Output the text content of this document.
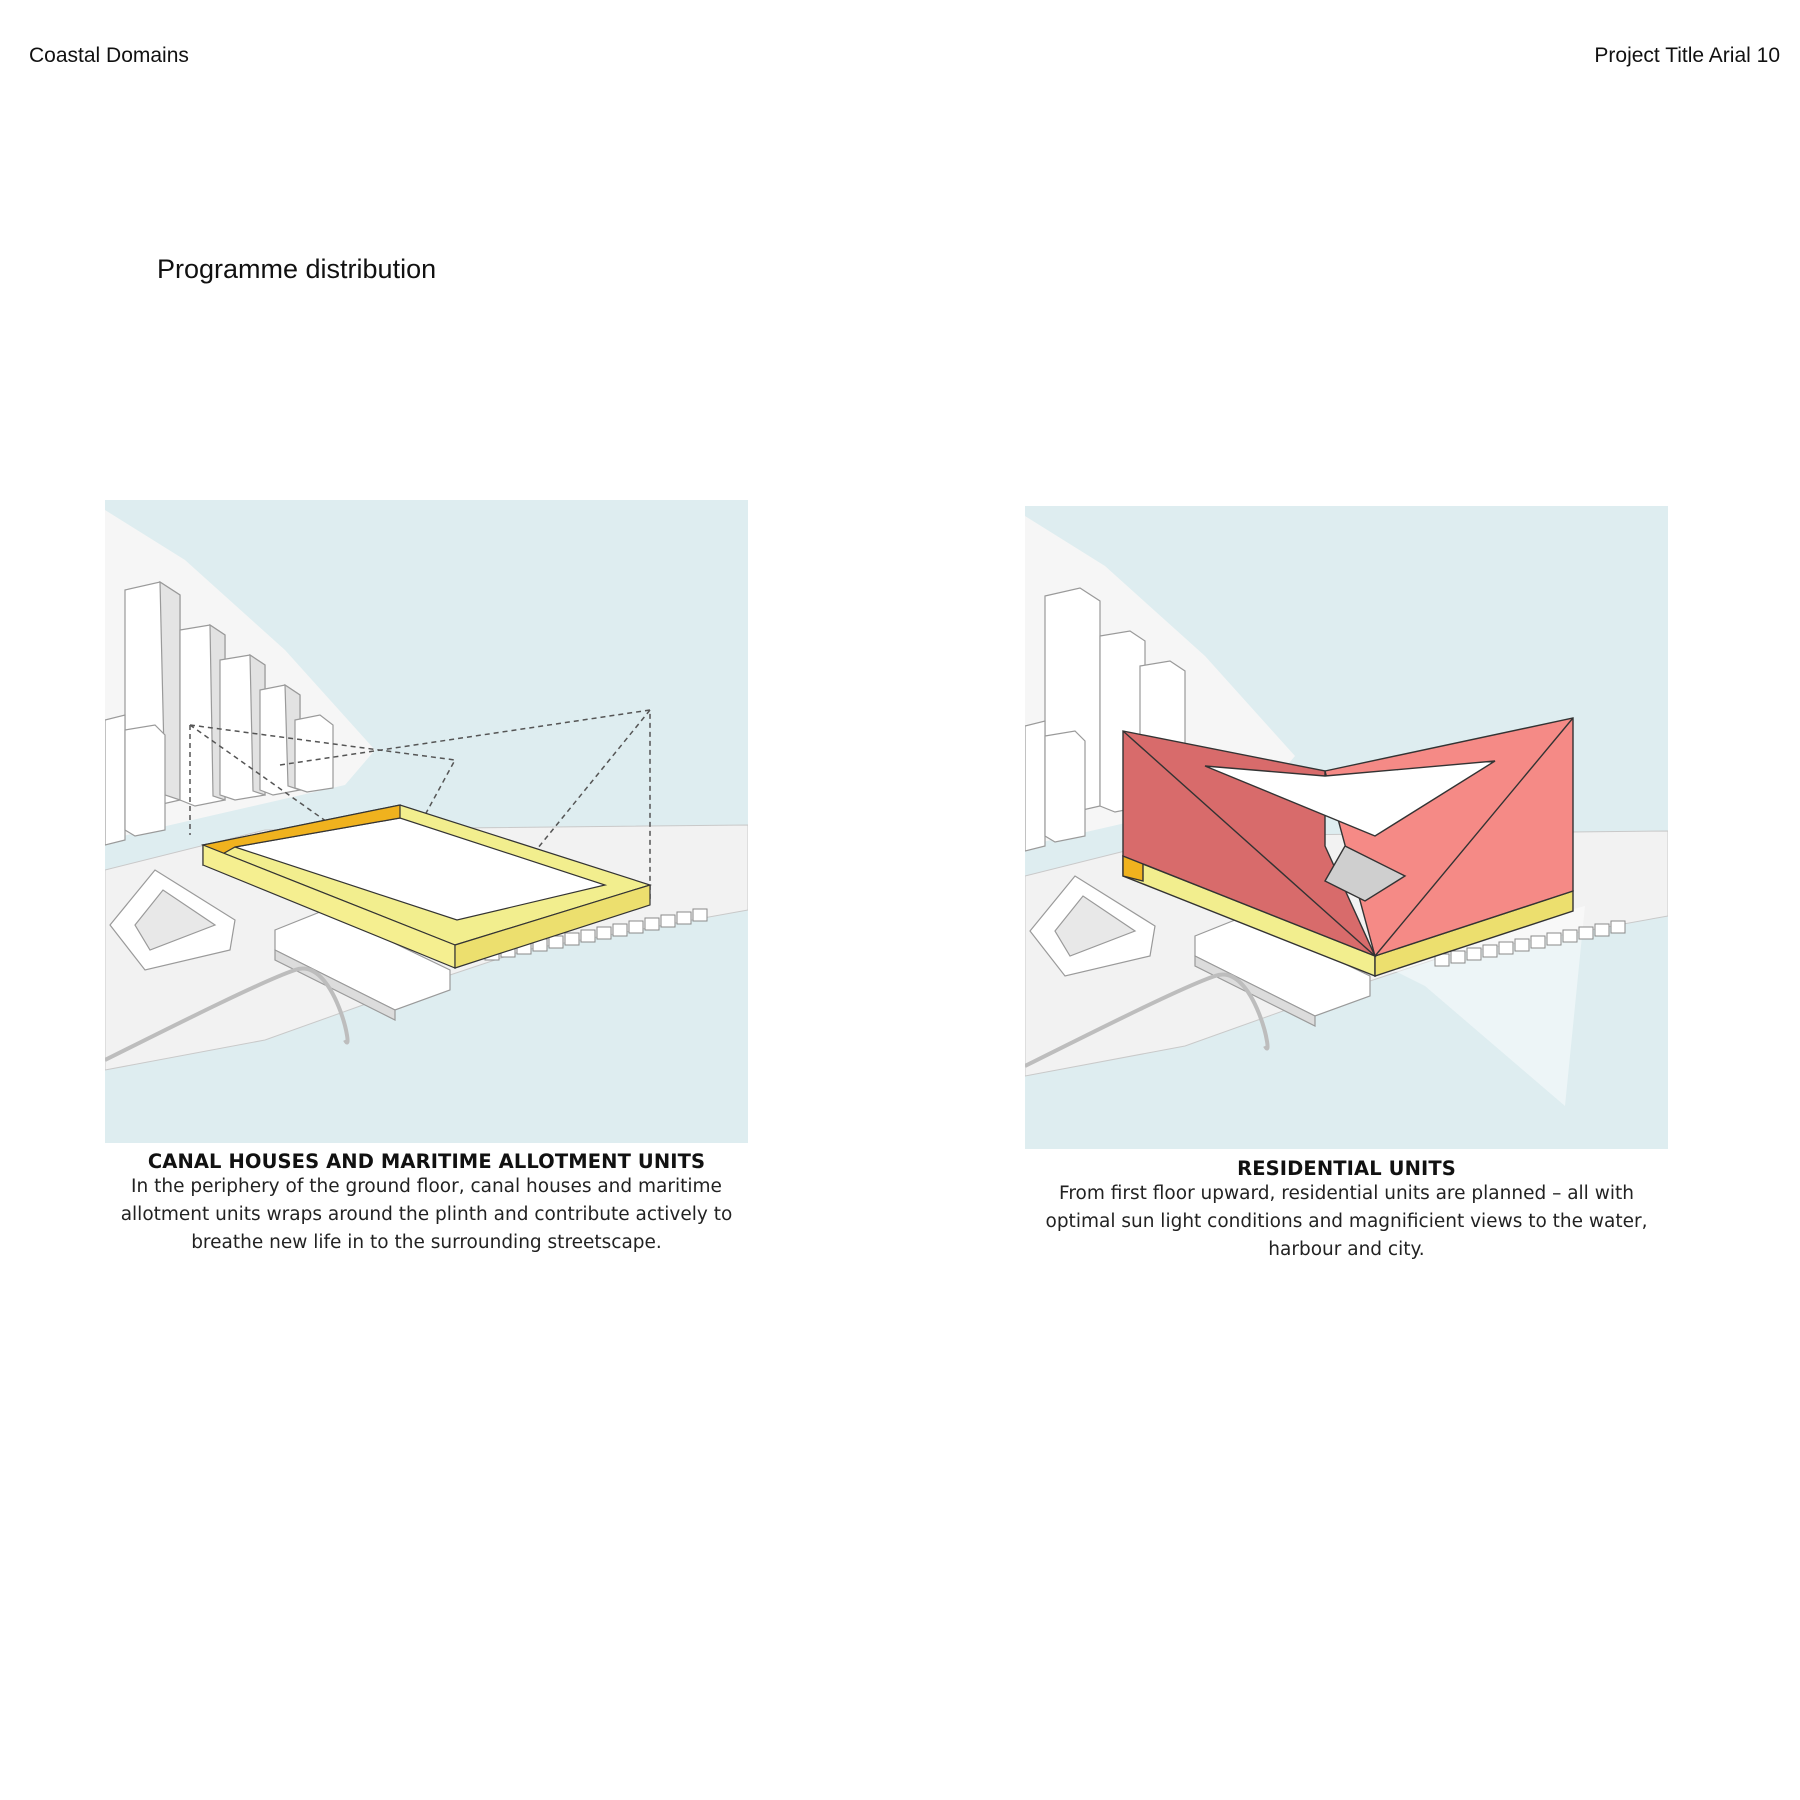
Coastal Domains	Project Title Arial 10
Programme distribution
CANAL HOUSES AND MARITIME ALLOTMENT UNITS
In the periphery of the ground floor, canal houses and maritime
allotment units wraps around the plinth and contribute actively to
breathe new life in to the surrounding streetscape.
RESIDENTIAL UNITS
From first floor upward, residential units are planned – all with
optimal sun light conditions and magnificient views to the water,
harbour and city.
